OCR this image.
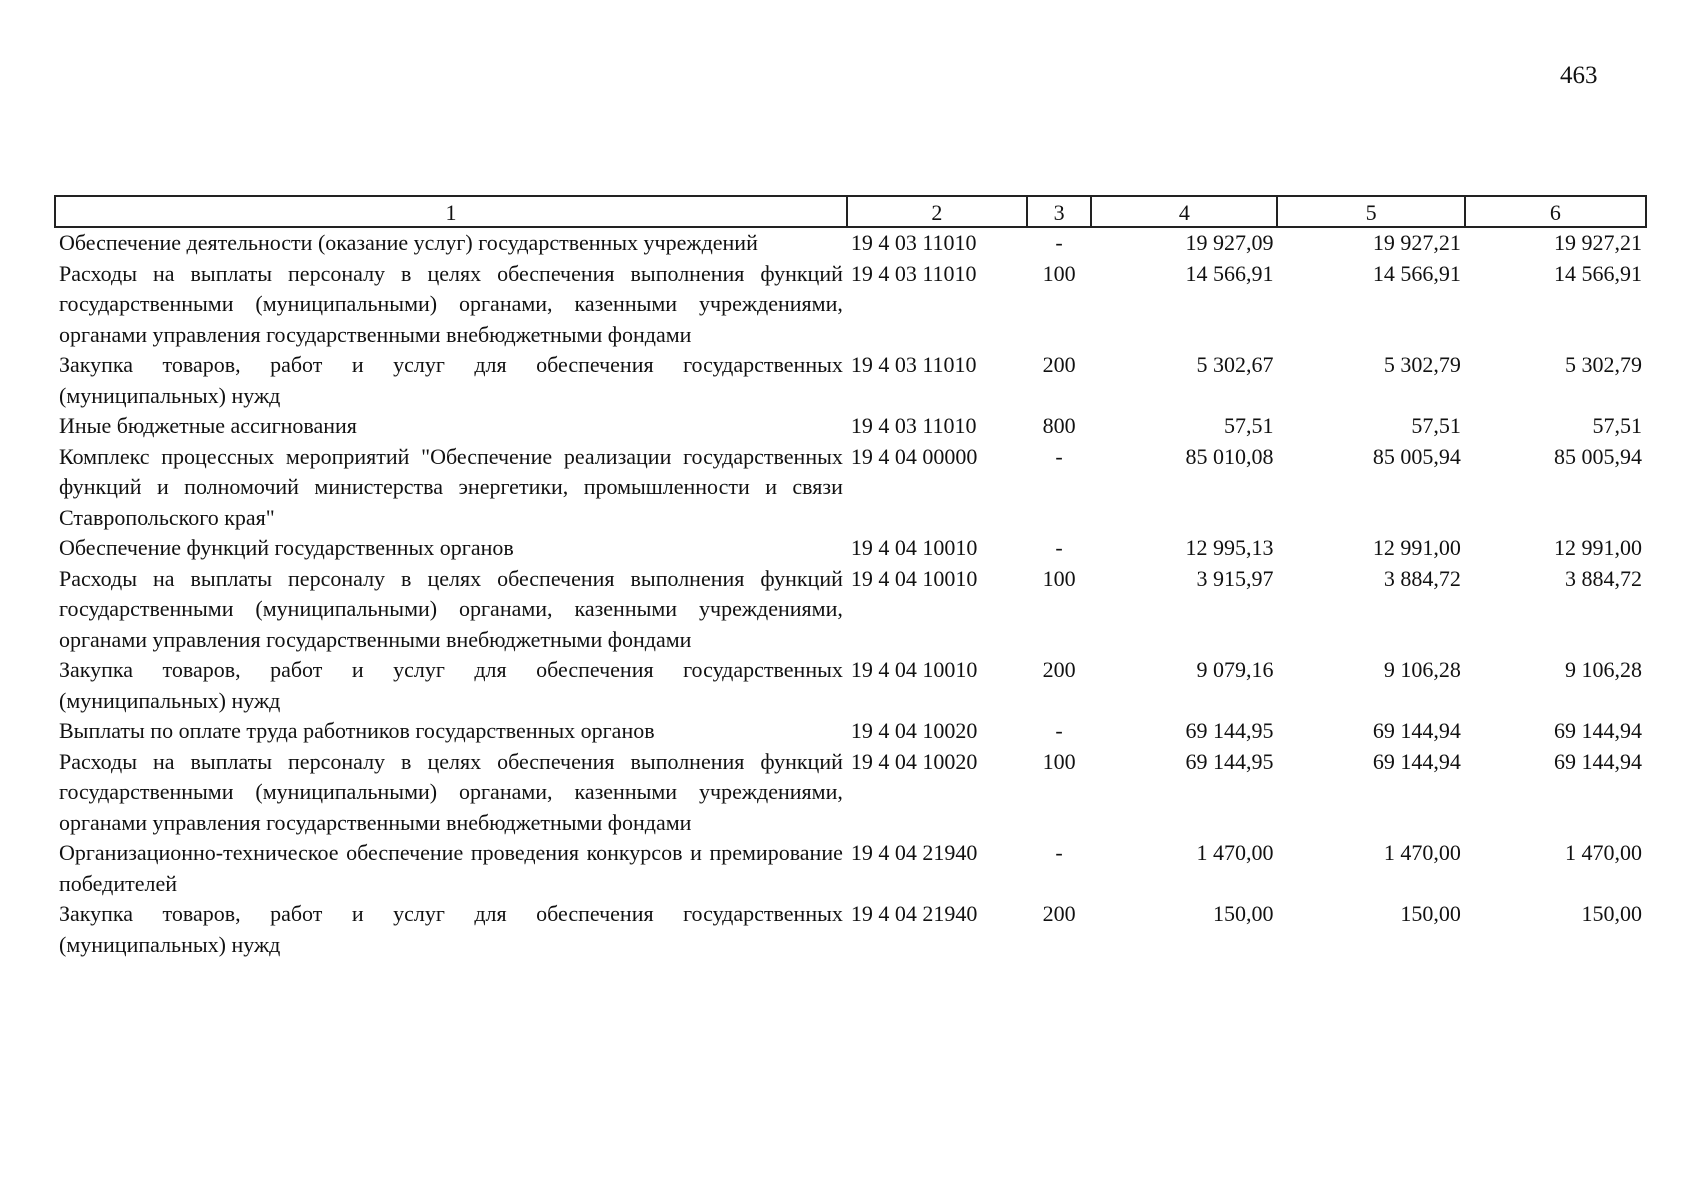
463
1	2	3	4	5	6
Обеспечение деятельности (оказание услуг) государственных учреждений	19 4 03 11010	-	19 927,09	19 927,21	19 927,21
Расходы на выплаты персоналу в целях обеспечения выполнения функций государственными (муниципальными) органами, казенными учреждениями, органами управления государственными внебюджетными фондами	19 4 03 11010	100	14 566,91	14 566,91	14 566,91
Закупка товаров, работ и услуг для обеспечения государственных (муниципальных) нужд	19 4 03 11010	200	5 302,67	5 302,79	5 302,79
Иные бюджетные ассигнования	19 4 03 11010	800	57,51	57,51	57,51
Комплекс процессных мероприятий "Обеспечение реализации государственных функций и полномочий министерства энергетики, промышленности и связи Ставропольского края"	19 4 04 00000	-	85 010,08	85 005,94	85 005,94
Обеспечение функций государственных органов	19 4 04 10010	-	12 995,13	12 991,00	12 991,00
Расходы на выплаты персоналу в целях обеспечения выполнения функций государственными (муниципальными) органами, казенными учреждениями, органами управления государственными внебюджетными фондами	19 4 04 10010	100	3 915,97	3 884,72	3 884,72
Закупка товаров, работ и услуг для обеспечения государственных (муниципальных) нужд	19 4 04 10010	200	9 079,16	9 106,28	9 106,28
Выплаты по оплате труда работников государственных органов	19 4 04 10020	-	69 144,95	69 144,94	69 144,94
Расходы на выплаты персоналу в целях обеспечения выполнения функций государственными (муниципальными) органами, казенными учреждениями, органами управления государственными внебюджетными фондами	19 4 04 10020	100	69 144,95	69 144,94	69 144,94
Организационно-техническое обеспечение проведения конкурсов и премирование победителей	19 4 04 21940	-	1 470,00	1 470,00	1 470,00
Закупка товаров, работ и услуг для обеспечения государственных (муниципальных) нужд	19 4 04 21940	200	150,00	150,00	150,00
